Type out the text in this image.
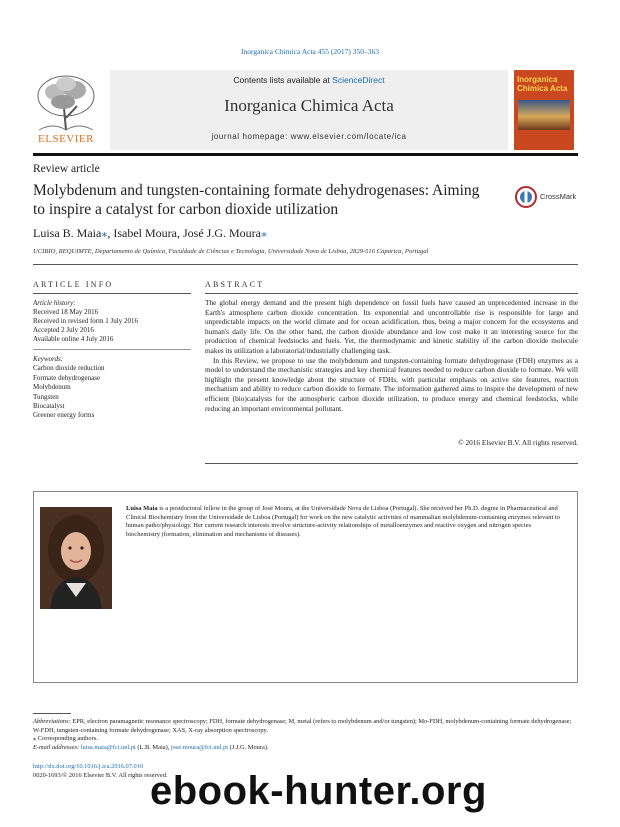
Inorganica Chimica Acta 455 (2017) 350–363
Contents lists available at ScienceDirect
Inorganica Chimica Acta
journal homepage: www.elsevier.com/locate/ica
ELSEVIER
Inorganica Chimica Acta
Review article
Molybdenum and tungsten-containing formate dehydrogenases: Aiming to inspire a catalyst for carbon dioxide utilization
CrossMark
Luisa B. Maia⁎, Isabel Moura, José J.G. Moura⁎
UCIBIO, REQUIMTE, Departamento de Química, Faculdade de Ciências e Tecnologia, Universidade Nova de Lisboa, 2829-516 Caparica, Portugal
ARTICLE INFO
Article history:
Received 18 May 2016
Received in revised form 1 July 2016
Accepted 2 July 2016
Available online 4 July 2016
Keywords:
Carbon dioxide reduction
Formate dehydrogenase
Molybdenum
Tungsten
Biocatalyst
Greener energy forms
ABSTRACT

The global energy demand and the present high dependence on fossil fuels have caused an unprecedented increase in the Earth's atmosphere carbon dioxide concentration. Its exponential and uncontrollable rise is responsible for large and unpredictable impacts on the world climate and for ocean acidification, thus, being a major concern for the ecosystems and human's daily life. On the other hand, the carbon dioxide abundance and low cost make it an interesting source for the production of chemical feedstocks and fuels. Yet, the thermodynamic and kinetic stability of the carbon dioxide molecule makes its utilization a laboratorial/industrially challenging task.

In this Review, we propose to use the molybdenum and tungsten-containing formate dehydrogenase (FDH) enzymes as a model to understand the mechanistic strategies and key chemical features needed to reduce carbon dioxide to formate. We will highlight the present knowledge about the structure of FDHs, with particular emphasis on active site features, reaction mechanism and ability to reduce carbon dioxide to formate. The information gathered aims to inspire the development of new efficient (bio)catalysts for the atmospheric carbon dioxide utilization, to produce energy and chemical feedstocks, while reducing an important environmental pollutant.

© 2016 Elsevier B.V. All rights reserved.
Luisa Maia is a postdoctoral fellow in the group of José Moura, at the Universidade Nova de Lisboa (Portugal). She received her Ph.D. degree in Pharmaceutical and Clinical Biochemistry from the Universidade de Lisboa (Portugal) for work on the new catalytic activities of mammalian molybdenum-containing enzymes relevant to human patho/physiology. Her current research interests involve structure-activity relationships of metalloenzymes and reactive oxygen and nitrogen species biochemistry (formation, elimination and mechanisms of diseases).
Abbreviations: EPR, electron paramagnetic resonance spectroscopy; FDH, formate dehydrogenase; M, metal (refers to molybdenum and/or tungsten); Mo-FDH, molybdenum-containing formate dehydrogenase; W-FDH, tungsten-containing formate dehydrogenase; XAS, X-ray absorption spectroscopy.
⁎ Corresponding authors.
E-mail addresses: luisa.maia@fct.unl.pt (L.B. Maia), jose.moura@fct.unl.pt (J.J.G. Moura).
http://dx.doi.org/10.1016/j.ica.2016.07.010
0020-1693/© 2016 Elsevier B.V. All rights reserved.
ebook-hunter.org
